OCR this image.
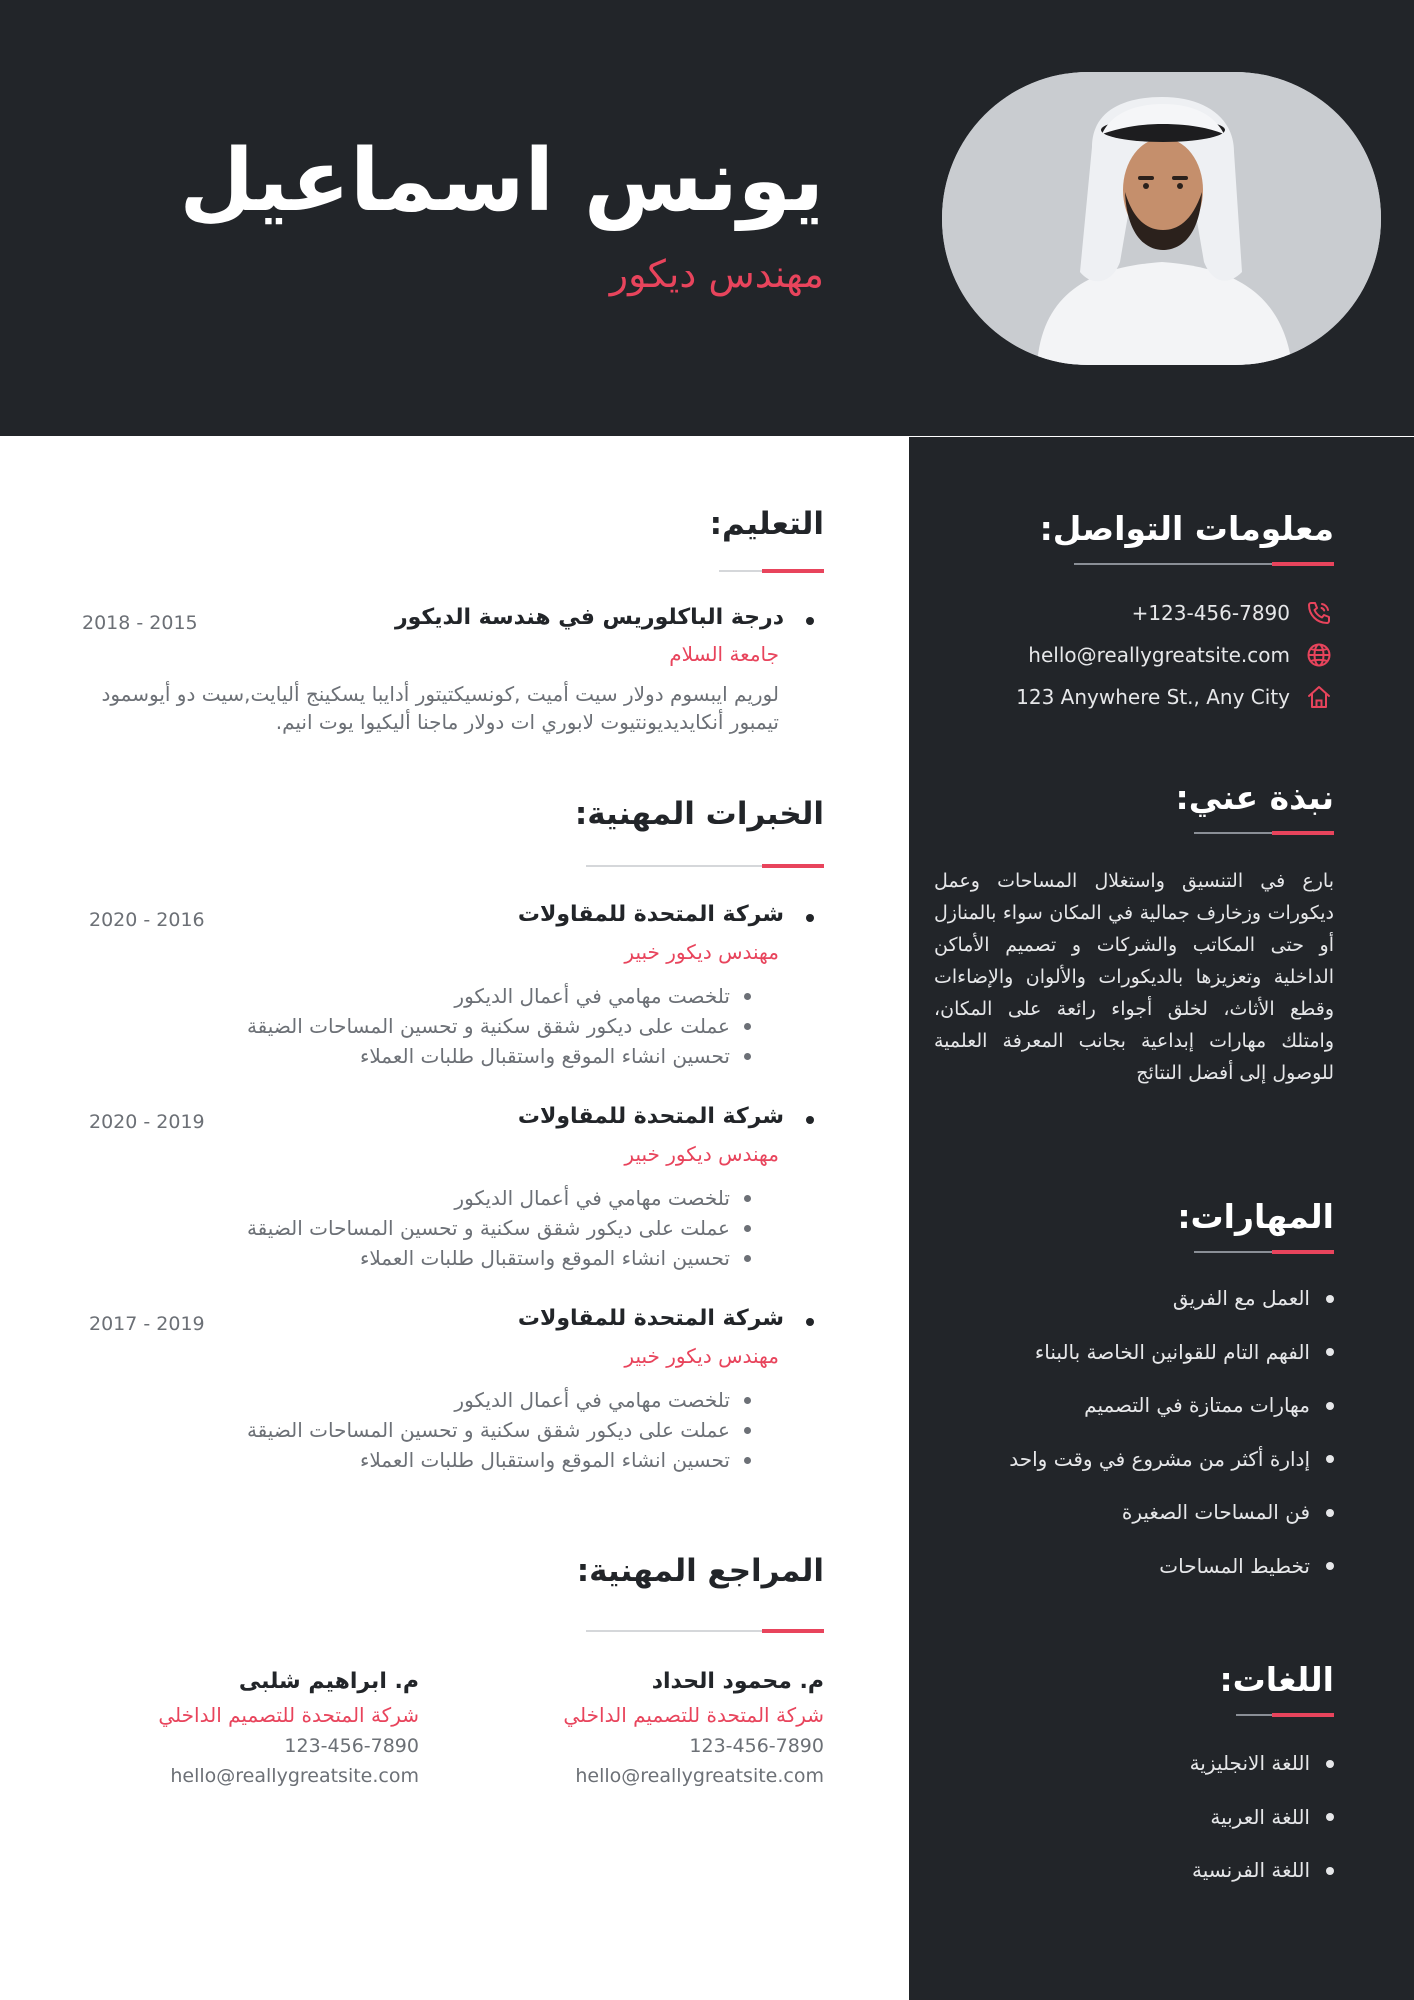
يونس اسماعيل
مهندس ديكور
معلومات التواصل:
+123-456-7890
hello@reallygreatsite.com
123 Anywhere St., Any City
نبذة عني:
بارع في التنسيق واستغلال المساحات وعمل ديكورات وزخارف جمالية في المكان سواء بالمنازل أو حتى المكاتب والشركات و تصميم الأماكن الداخلية وتعزيزها بالديكورات والألوان والإضاءات وقطع الأثاث، لخلق أجواء رائعة على المكان، وامتلك مهارات إبداعية بجانب المعرفة العلمية للوصول إلى أفضل النتائج
المهارات:
العمل مع الفريق
الفهم التام للقوانين الخاصة بالبناء
مهارات ممتازة في التصميم
إدارة أكثر من مشروع في وقت واحد
فن المساحات الصغيرة
تخطيط المساحات
اللغات:
اللغة الانجليزية
اللغة العربية
اللغة الفرنسية
التعليم:
درجة الباكلوريس في هندسة الديكور
2018 - 2015
جامعة السلام
لوريم ايبسوم دولار سيت أميت ,كونسيكتيتور أدايبا يسكينج أليايت,سيت دو أيوسمود تيمبور أنكايديديونتيوت لابوري ات دولار ماجنا أليكيوا يوت انيم.
الخبرات المهنية:
شركة المتحدة للمقاولات
2020 - 2016
مهندس ديكور خبير
تلخصت مهامي في أعمال الديكور
عملت على ديكور شقق سكنية و تحسين المساحات الضيقة
تحسين انشاء الموقع واستقبال طلبات العملاء
شركة المتحدة للمقاولات
2020 - 2019
مهندس ديكور خبير
تلخصت مهامي في أعمال الديكور
عملت على ديكور شقق سكنية و تحسين المساحات الضيقة
تحسين انشاء الموقع واستقبال طلبات العملاء
شركة المتحدة للمقاولات
2017 - 2019
مهندس ديكور خبير
تلخصت مهامي في أعمال الديكور
عملت على ديكور شقق سكنية و تحسين المساحات الضيقة
تحسين انشاء الموقع واستقبال طلبات العملاء
المراجع المهنية:
م. محمود الحداد
شركة المتحدة للتصميم الداخلي
123-456-7890
hello@reallygreatsite.com
م. ابراهيم شلبى
شركة المتحدة للتصميم الداخلي
123-456-7890
hello@reallygreatsite.com
